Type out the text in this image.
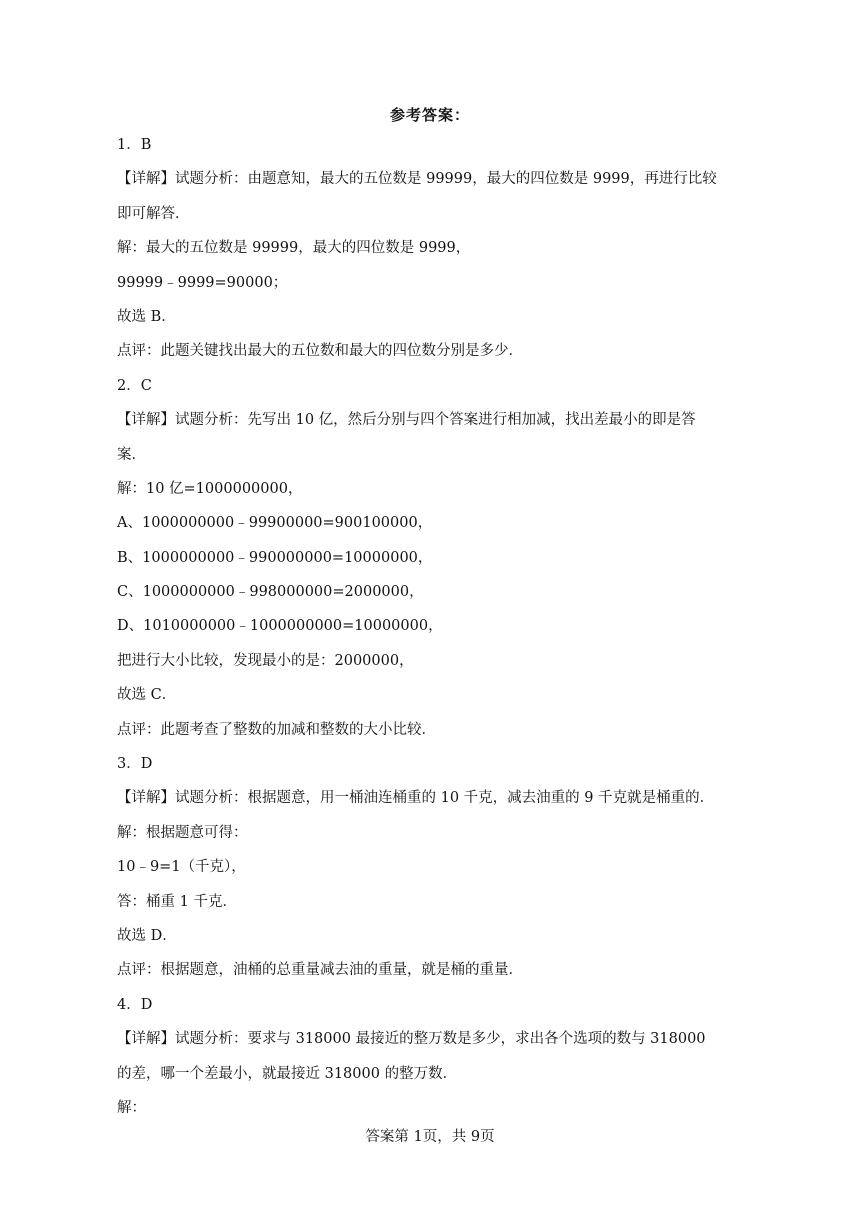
参考答案：
1．B
【详解】试题分析：由题意知，最大的五位数是 99999，最大的四位数是 9999，再进行比较
即可解答．
解：最大的五位数是 99999，最大的四位数是 9999，
99999﹣9999=90000；
故选 B．
点评：此题关键找出最大的五位数和最大的四位数分别是多少．
2．C
【详解】试题分析：先写出 10 亿，然后分别与四个答案进行相加减，找出差最小的即是答
案．
解：10 亿=1000000000，
A、1000000000﹣99900000=900100000，
B、1000000000﹣990000000=10000000，
C、1000000000﹣998000000=2000000，
D、1010000000﹣1000000000=10000000，
把进行大小比较，发现最小的是：2000000，
故选 C．
点评：此题考查了整数的加减和整数的大小比较．
3．D
【详解】试题分析：根据题意，用一桶油连桶重的 10 千克，减去油重的 9 千克就是桶重的．
解：根据题意可得：
10﹣9=1（千克），
答：桶重 1 千克．
故选 D．
点评：根据题意，油桶的总重量减去油的重量，就是桶的重量．
4．D
【详解】试题分析：要求与 318000 最接近的整万数是多少，求出各个选项的数与 318000
的差，哪一个差最小，就最接近 318000 的整万数．
解：
答案第 1页，共 9页
